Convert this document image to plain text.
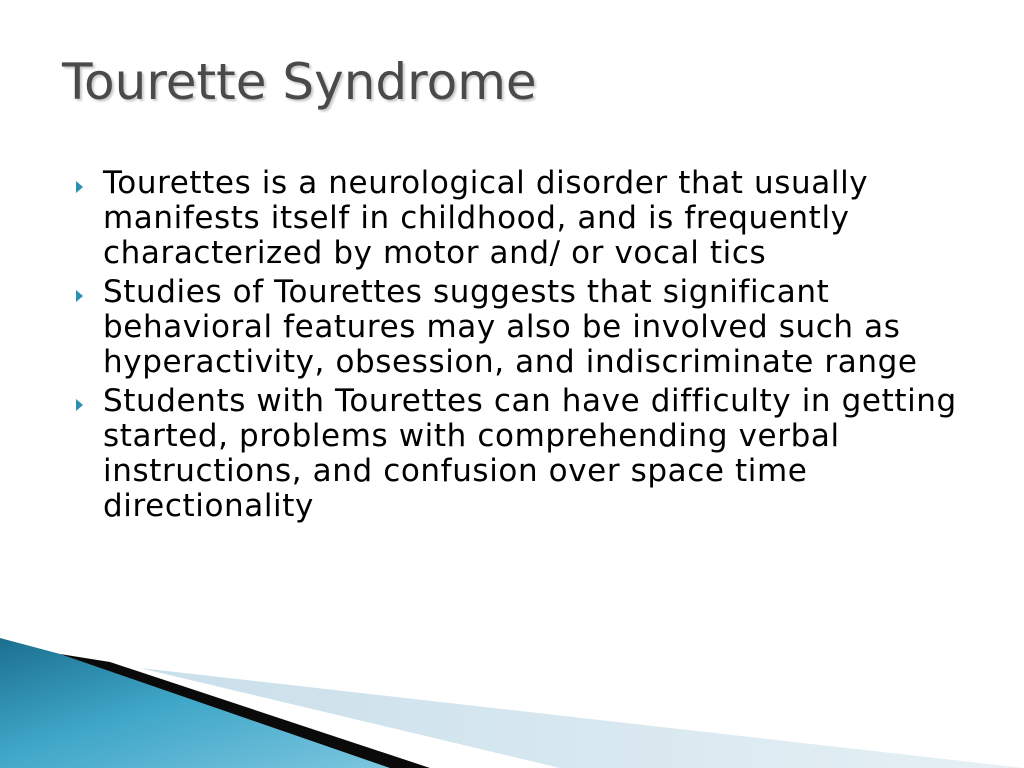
Tourette Syndrome
Tourettes is a neurological disorder that usually manifests itself in childhood, and is frequently characterized by motor and/ or vocal tics
Studies of Tourettes suggests that significant behavioral features may also be involved such as hyperactivity, obsession, and indiscriminate range
Students with Tourettes can have difficulty in getting started, problems with comprehending verbal instructions, and confusion over space time directionality
